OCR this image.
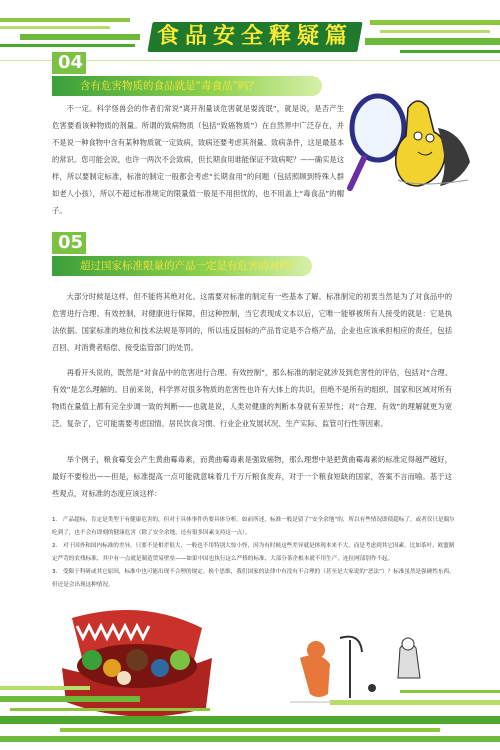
食品安全释疑篇
04
含有危害物质的食品就是“毒食品”吗？
不一定。科学怪兽会的作者们常说“离开剂量谈危害就是耍流氓”，就是说，是否产生危害要看该种物质的剂量。所谓的致病物质（包括“致癌物质”）在自然界中广泛存在，并不是说一种食物中含有某种物质就一定致病，致病还要考虑其剂量、致病条件，这是最基本的常识。您可能会说，也许一两次不会致病，但长期食用谁能保证不致病呢？——确实是这样，所以要制定标准，标准的制定一般都会考虑“长期食用”的问题（包括照顾到特殊人群如老人小孩），所以不超过标准规定的限量值一般是不用担忧的，也不用盖上“毒食品”的帽子。
05
超过国家标准限量的产品一定是有危害的对吗？
大部分时候是这样，但不能将其绝对化。这需要对标准的制定有一些基本了解。标准制定的初衷当然是为了对食品中的危害进行合理、有效控制，对健康进行保障，但这种控制，当它表现成文本以后，它唯一能够被所有人接受的就是：它是执法依据。国家标准的地位和技术法规是等同的，所以违反国标的产品肯定是不合格产品，企业也应该承担相应的责任，包括召回、对消费者赔偿、接受监管部门的处罚。
再看开头说的，既然是“对食品中的危害进行合理、有效控制”，那么标准的制定就涉及到危害性的评估，包括对“合理、有效”是怎么理解的。目前来说，科学界对很多物质的危害性也许有大体上的共识，但绝不是所有的组织、国家和区域对所有物质在量值上都有完全步调一致的判断——也就是说，人类对健康的判断本身就有差异性；对“合理、有效”的理解就更为宽泛、复杂了，它可能需要考虑国情、居民饮食习惯、行业企业发展状况、生产实际、监管可行性等因素。
举个例子，粮食霉变会产生黄曲霉毒素，而黄曲霉毒素是强致癌物，那么理想中是把黄曲霉毒素的标准定得越严越好，最好不要检出——但是，标准提高一点可能就意味着几千万斤粮食废弃，对于一个粮食短缺的国家，答案不言而喻。基于这些观点，对标准的态度应该这样：
1.　产品超标，肯定是类型于有健康危害的，但对于具体事件仍要具体分析。如前所述，标准一般是留了“安全余地”的，所以有些情况即使超标了，或者仅只是偶尔吃到了，也不会有即刻的健康危害（除了安全余地，还有很多因素支持这一点）。
2.　对于国外和国内标准的差异，只要不是相差很大，一般也不用特别大惊小怪，因为有时候这些差异就是体现本来不大，而是考虑到其它因素。比如茶叶，欧盟制定严苛的农残标准，其中有一点就是制造贸易壁垒——如果中国也执行这么严格的标准，大部分茶企根本就不用生产，连拉网部别作不起。
3.　受限于科研或其它原因，标准中也可能出现不合理的规定。换个思维，我们国家的法律中有没有不合理的（甚至是大家说的“恶法”）？标准虽然是强硬性东西，但还是会出现这种情况。
